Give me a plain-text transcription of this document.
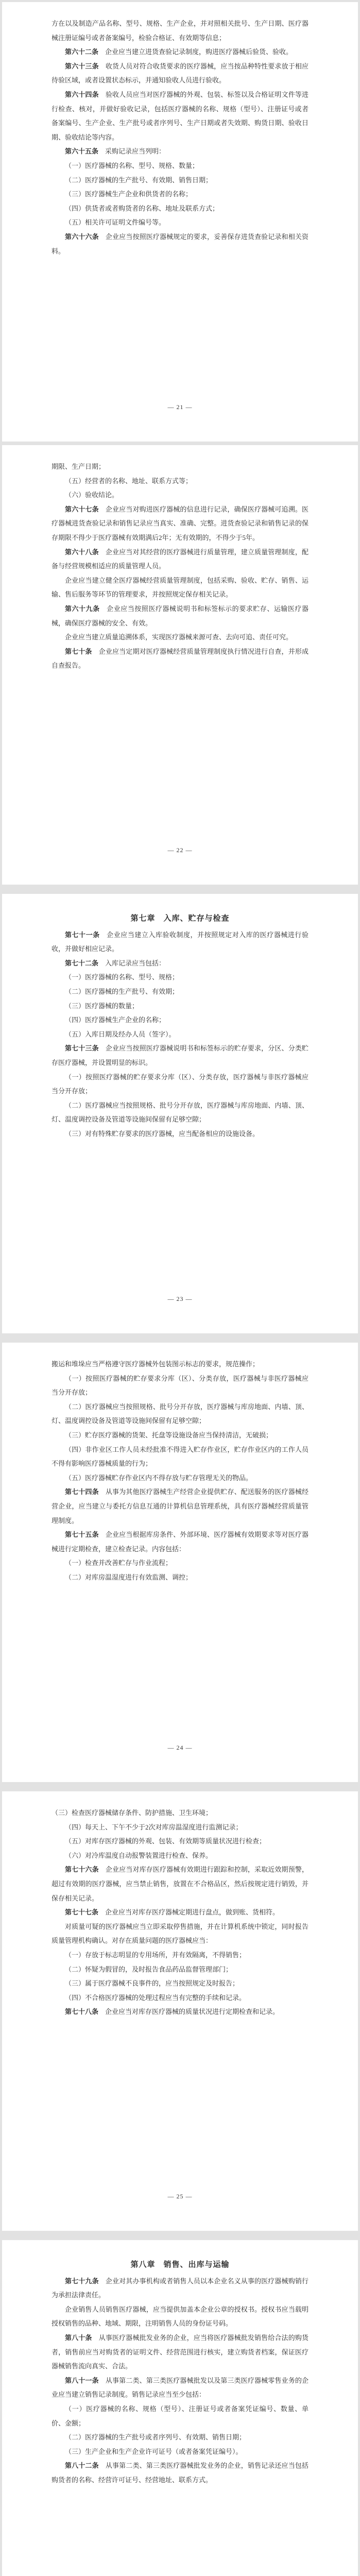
方在以及制造产品名称、型号、规格、生产企业，并对照相关批号、生产日期、医疗器械注册证编号或者备案编号，检验合格证、有效期等信息；

第六十二条　 企业应当建立进货查验记录制度，购进医疗器械后验货、验收。

第六十三条　 收货人员对符合收货要求的医疗器械，应当按品种特性要求放于相应待验区域，或者设置状态标示，并通知验收人员进行验收。

第六十四条　 验收人员应当对医疗器械的外观、包装、标签以及合格证明文件等进行检查、核对，并做好验收记录，包括医疗器械的名称、规格（型号）、注册证号或者备案编号、生产企业、生产批号或者序列号、生产日期或者失效期、购货日期、验收日期、验收结论等内容。

第六十五条　 采购记录应当列明：

（一）医疗器械的名称、型号、规格、数量；

（二）医疗器械的生产批号、有效期、销售日期；

（三）医疗器械生产企业和供货者的名称；

（四）供货者或者购货者的名称、地址及联系方式；

（五）相关许可证明文件编号等。

第六十六条　 企业应当按照医疗器械规定的要求，妥善保存进货查验记录和相关资料。

— 21 —

期限、生产日期；

（五）经营者的名称、地址、联系方式等；

（六）验收结论。

第六十七条　 企业应当对购进医疗器械的信息进行记录，确保医疗器械可追溯。医疗器械进货查验记录和销售记录应当真实、准确、完整。进货查验记录和销售记录的保存期限不得少于医疗器械有效期满后2年；无有效期的，不得少于5年。

第六十八条　 企业应当对其经营的医疗器械进行质量管理，建立质量管理制度，配备与经营规模相适应的质量管理人员。

企业应当建立健全医疗器械经营质量管理制度，包括采购、验收、贮存、销售、运输、售后服务等环节的管理要求，并按照规定保存相关记录。

第六十九条　 企业应当按照医疗器械说明书和标签标示的要求贮存、运输医疗器械，确保医疗器械的安全、有效。

企业应当建立质量追溯体系，实现医疗器械来源可查、去向可追、责任可究。

第七十条　 企业应当定期对医疗器械经营质量管理制度执行情况进行自查，并形成自查报告。

— 22 —
第七章　入库、贮存与检查

第七十一条　 企业应当建立入库验收制度，并按照规定对入库的医疗器械进行验收，并做好相应记录。

第七十二条　 入库记录应当包括：

（一）医疗器械的名称、型号、规格；

（二）医疗器械的生产批号、有效期；

（三）医疗器械的数量；

（四）医疗器械生产企业的名称；

（五）入库日期及经办人员（签字）。

第七十三条　 企业应当按照医疗器械说明书和标签标示的贮存要求，分区、分类贮存医疗器械，并设置明显的标识。

（一）按照医疗器械的贮存要求分库（区）、分类存放，医疗器械与非医疗器械应当分开存放；

（二）医疗器械应当按照规格、批号分开存放，医疗器械与库房地面、内墙、顶、灯、温度调控设备及管道等设施间保留有足够空隙；

（三）对有特殊贮存要求的医疗器械，应当配备相应的设施设备。

— 23 —

搬运和堆垛应当严格遵守医疗器械外包装图示标志的要求，规范操作；

（一）按照医疗器械的贮存要求分库（区）、分类存放，医疗器械与非医疗器械应当分开存放；

（二）医疗器械应当按照规格、批号分开存放，医疗器械与库房地面、内墙、顶、灯、温度调控设备及管道等设施间保留有足够空隙；

（三）贮存医疗器械的货架、托盘等设施设备应当保持清洁，无破损；

（四）非作业区工作人员未经批准不得进入贮存作业区，贮存作业区内的工作人员不得有影响医疗器械质量的行为；

（五）医疗器械贮存作业区内不得存放与贮存管理无关的物品。

第七十四条　 从事为其他医疗器械生产经营企业提供贮存、配送服务的医疗器械经营企业，应当建立与委托方信息互通的计算机信息管理系统，具有医疗器械经营质量管理制度。

第七十五条　 企业应当根据库房条件、外部环境、医疗器械有效期要求等对医疗器械进行定期检查，建立检查记录。内容包括：

（一）检查并改善贮存与作业流程；

（二）对库房温湿度进行有效监测、调控；

— 24 —

（三）检查医疗器械储存条件、防护措施、卫生环境；

（四）每天上、下午不少于2次对库房温湿度进行监测记录；

（五）对库存医疗器械的外观、包装、有效期等质量状况进行检查；

（六）对冷库温度自动报警装置进行检查、保养。

第七十六条　 企业应当对库存医疗器械有效期进行跟踪和控制，采取近效期预警，超过有效期的医疗器械，应当禁止销售，放置在不合格品区，然后按规定进行销毁，并保存相关记录。

第七十七条　 企业应当对库存医疗器械定期进行盘点，做到账、货相符。

对质量可疑的医疗器械应当立即采取停售措施，并在计算机系统中锁定，同时报告质量管理机构确认。对存在质量问题的医疗器械应当：

（一）存放于标志明显的专用场所，并有效隔离，不得销售；

（二）怀疑为假冒的，及时报告食品药品监督管理部门；

（三）属于医疗器械不良事件的，应当按照规定及时报告；

（四）不合格医疗器械的处理过程应当有完整的手续和记录。

第七十八条　 企业应当对库存医疗器械的质量状况进行定期检查和记录。

— 25 —
第八章　销售、出库与运输

第七十九条　 企业对其办事机构或者销售人员以本企业名义从事的医疗器械购销行为承担法律责任。

企业销售人员销售医疗器械，应当提供加盖本企业公章的授权书。授权书应当载明授权销售的品种、地域、期限，注明销售人员的身份证号码。

第八十条　 从事医疗器械批发业务的企业，应当将医疗器械批发销售给合法的购货者，销售前应当对购货者的证明文件、经营范围进行核实，建立购货者档案，保证医疗器械销售流向真实、合法。

第八十一条　 从事第二类、第三类医疗器械批发以及第三类医疗器械零售业务的企业应当建立销售记录制度。销售记录应当至少包括：

（一）医疗器械的名称、规格（型号）、注册证号或者备案凭证编号、数量、单价、金额；

（二）医疗器械的生产批号或者序列号、有效期、销售日期；

（三）生产企业和生产企业许可证号（或者备案凭证编号）。

第八十二条　 从事第二类、第三类医疗器械批发业务的企业，销售记录还应当包括购货者的名称、经营许可证号、经营地址、联系方式。
